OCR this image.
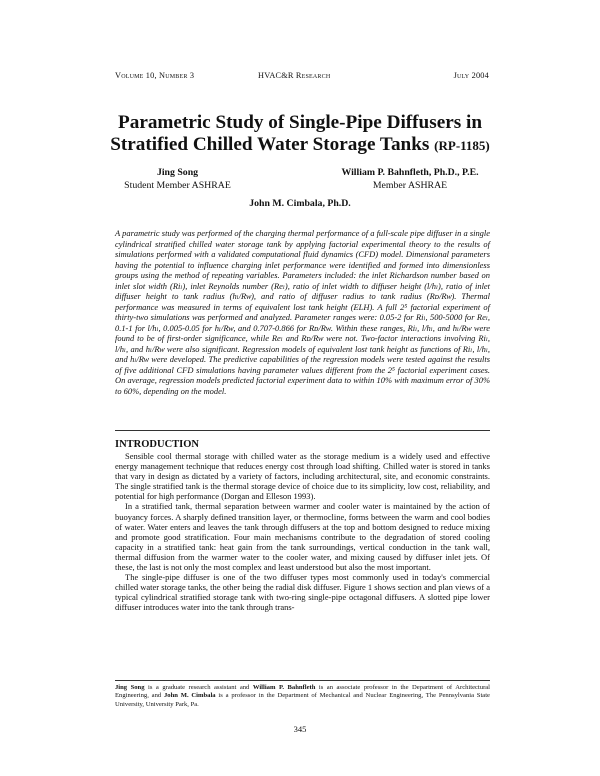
Volume 10, Number 3	HVAC&R Research	July 2004
Parametric Study of Single-Pipe Diffusers in Stratified Chilled Water Storage Tanks (RP-1185)
Jing Song
Student Member ASHRAE
William P. Bahnfleth, Ph.D., P.E.
Member ASHRAE
John M. Cimbala, Ph.D.
A parametric study was performed of the charging thermal performance of a full-scale pipe diffuser in a single cylindrical stratified chilled water storage tank by applying factorial experimental theory to the results of simulations performed with a validated computational fluid dynamics (CFD) model. Dimensional parameters having the potential to influence charging inlet performance were identified and formed into dimensionless groups using the method of repeating variables. Parameters included: the inlet Richardson number based on inlet slot width (Riₗ), inlet Reynolds number (Reₗ), ratio of inlet width to diffuser height (l/hₗ), ratio of inlet diffuser height to tank radius (hₗ/Rᴡ), and ratio of diffuser radius to tank radius (Rᴅ/Rᴡ). Thermal performance was measured in terms of equivalent lost tank height (ELH). A full 2⁵ factorial experiment of thirty-two simulations was performed and analyzed. Parameter ranges were: 0.05-2 for Riₗ, 500-5000 for Reₗ, 0.1-1 for l/hₗ, 0.005-0.05 for hₗ/Rᴡ, and 0.707-0.866 for Rᴅ/Rᴡ. Within these ranges, Riₗ, l/hₗ, and hₗ/Rᴡ were found to be of first-order significance, while Reₗ and Rᴅ/Rᴡ were not. Two-factor interactions involving Riₗ, l/hₗ, and hₗ/Rᴡ were also significant. Regression models of equivalent lost tank height as functions of Riₗ, l/hₗ, and hₗ/Rᴡ were developed. The predictive capabilities of the regression models were tested against the results of five additional CFD simulations having parameter values different from the 2⁵ factorial experiment cases. On average, regression models predicted factorial experiment data to within 10% with maximum error of 30% to 60%, depending on the model.
INTRODUCTION

Sensible cool thermal storage with chilled water as the storage medium is a widely used and effective energy management technique that reduces energy cost through load shifting. Chilled water is stored in tanks that vary in design as dictated by a variety of factors, including architectural, site, and economic constraints. The single stratified tank is the thermal storage device of choice due to its simplicity, low cost, reliability, and potential for high performance (Dorgan and Elleson 1993).

In a stratified tank, thermal separation between warmer and cooler water is maintained by the action of buoyancy forces. A sharply defined transition layer, or thermocline, forms between the warm and cool bodies of water. Water enters and leaves the tank through diffusers at the top and bottom designed to reduce mixing and promote good stratification. Four main mechanisms contribute to the degradation of stored cooling capacity in a stratified tank: heat gain from the tank surroundings, vertical conduction in the tank wall, thermal diffusion from the warmer water to the cooler water, and mixing caused by diffuser inlet jets. Of these, the last is not only the most complex and least understood but also the most important.

The single-pipe diffuser is one of the two diffuser types most commonly used in today's commercial chilled water storage tanks, the other being the radial disk diffuser. Figure 1 shows section and plan views of a typical cylindrical stratified storage tank with two-ring single-pipe octagonal diffusers. A slotted pipe lower diffuser introduces water into the tank through trans-

Jing Song is a graduate research assistant and William P. Bahnfleth is an associate professor in the Department of Architectural Engineering, and John M. Cimbala is a professor in the Department of Mechanical and Nuclear Engineering, The Pennsylvania State University, University Park, Pa.
345
